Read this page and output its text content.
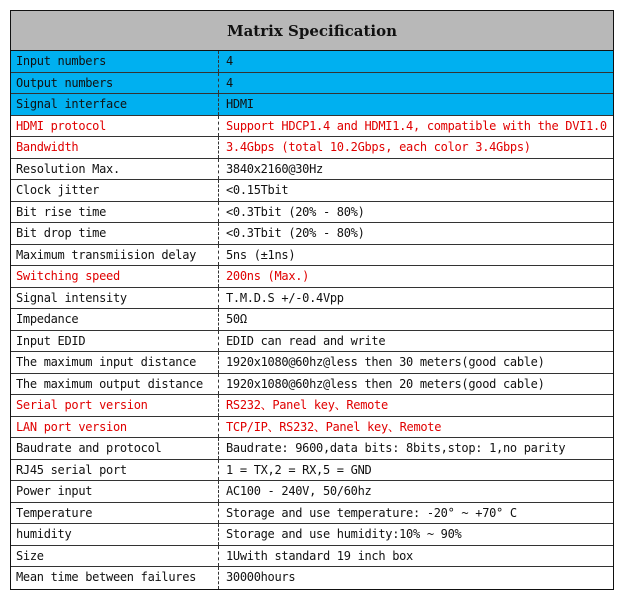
Matrix Specification
Input numbers	4
Output numbers	4
Signal interface	HDMI
HDMI protocol	Support HDCP1.4 and HDMI1.4, compatible with the DVI1.0
Bandwidth	3.4Gbps (total 10.2Gbps, each color 3.4Gbps)
Resolution Max.	3840x2160@30Hz
Clock jitter	<0.15Tbit
Bit rise time	<0.3Tbit (20% - 80%)
Bit drop time	<0.3Tbit (20% - 80%)
Maximum transmiision delay	5ns (±1ns)
Switching speed	200ns (Max.)
Signal intensity	T.M.D.S +/-0.4Vpp
Impedance	50Ω
Input EDID	EDID can read and write
The maximum input distance	1920x1080@60hz@less then 30 meters(good cable)
The maximum output distance	1920x1080@60hz@less then 20 meters(good cable)
Serial port version	RS232、Panel key、Remote
LAN port version	TCP/IP、RS232、Panel key、Remote
Baudrate and protocol	Baudrate: 9600,data bits: 8bits,stop: 1,no parity
RJ45 serial port	1 = TX,2 = RX,5 = GND
Power input	AC100 - 240V, 50/60hz
Temperature	Storage and use temperature: -20° ~ +70° C
humidity	Storage and use humidity:10% ~ 90%
Size	1Uwith standard 19 inch box
Mean time between failures	30000hours
